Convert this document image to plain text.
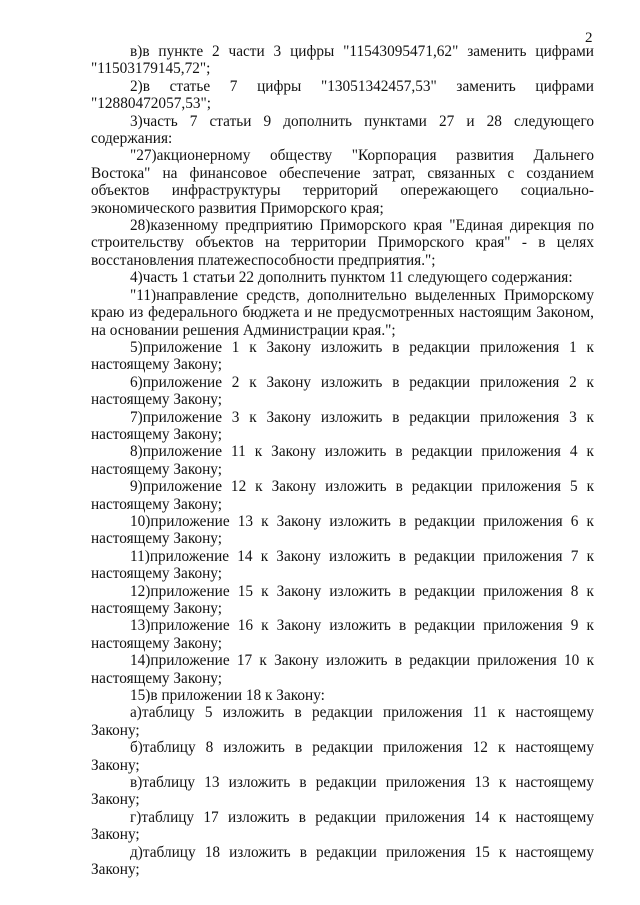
2

в)в пункте 2 части 3 цифры "11543095471,62" заменить цифрами "11503179145,72";

2)в статье 7 цифры "13051342457,53" заменить цифрами "12880472057,53";

3)часть 7 статьи 9 дополнить пунктами 27 и 28 следующего содержания:

"27)акционерному обществу "Корпорация развития Дальнего Востока" на финансовое обеспечение затрат, связанных с созданием объектов инфраструктуры территорий опережающего социально-экономического развития Приморского края;

28)казенному предприятию Приморского края "Единая дирекция по строительству объектов на территории Приморского края" - в целях восстановления платежеспособности предприятия.";

4)часть 1 статьи 22 дополнить пунктом 11 следующего содержания:

"11)направление средств, дополнительно выделенных Приморскому краю из федерального бюджета и не предусмотренных настоящим Законом, на основании решения Администрации края.";

5)приложение 1 к Закону изложить в редакции приложения 1 к настоящему Закону;

6)приложение 2 к Закону изложить в редакции приложения 2 к настоящему Закону;

7)приложение 3 к Закону изложить в редакции приложения 3 к настоящему Закону;

8)приложение 11 к Закону изложить в редакции приложения 4 к настоящему Закону;

9)приложение 12 к Закону изложить в редакции приложения 5 к настоящему Закону;

10)приложение 13 к Закону изложить в редакции приложения 6 к настоящему Закону;

11)приложение 14 к Закону изложить в редакции приложения 7 к настоящему Закону;

12)приложение 15 к Закону изложить в редакции приложения 8 к настоящему Закону;

13)приложение 16 к Закону изложить в редакции приложения 9 к настоящему Закону;

14)приложение 17 к Закону изложить в редакции приложения 10 к настоящему Закону;

15)в приложении 18 к Закону:

а)таблицу 5 изложить в редакции приложения 11 к настоящему Закону;

б)таблицу 8 изложить в редакции приложения 12 к настоящему Закону;

в)таблицу 13 изложить в редакции приложения 13 к настоящему Закону;

г)таблицу 17 изложить в редакции приложения 14 к настоящему Закону;

д)таблицу 18 изложить в редакции приложения 15 к настоящему Закону;
